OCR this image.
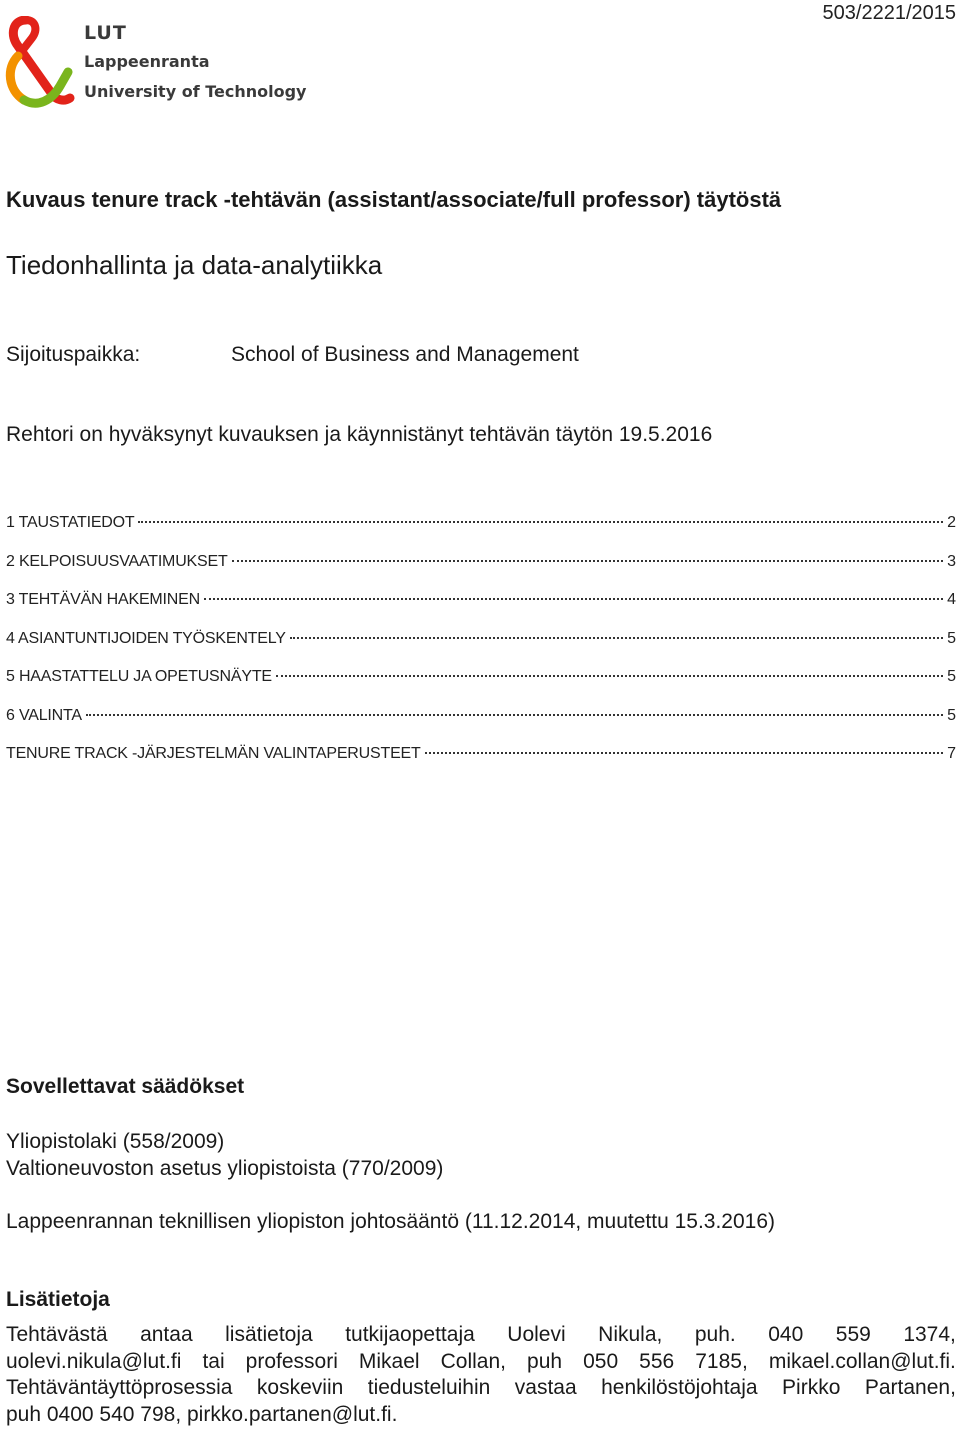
503/2221/2015
LUT
Lappeenranta
University of Technology
Kuvaus tenure track -tehtävän (assistant/associate/full professor) täytöstä
Tiedonhallinta ja data-analytiikka
Sijoituspaikka:	School of Business and Management
Rehtori on hyväksynyt kuvauksen ja käynnistänyt tehtävän täytön 19.5.2016
1 TAUSTATIEDOT	2
2 KELPOISUUSVAATIMUKSET	3
3 TEHTÄVÄN HAKEMINEN	4
4 ASIANTUNTIJOIDEN TYÖSKENTELY	5
5 HAASTATTELU JA OPETUSNÄYTE	5
6 VALINTA	5
TENURE TRACK -JÄRJESTELMÄN VALINTAPERUSTEET	7
Sovellettavat säädökset
Yliopistolaki (558/2009)
Valtioneuvoston asetus yliopistoista (770/2009)
Lappeenrannan teknillisen yliopiston johtosääntö (11.12.2014, muutettu 15.3.2016)
Lisätietoja
Tehtävästä antaa lisätietoja tutkijaopettaja Uolevi Nikula, puh. 040 559 1374,
uolevi.nikula@lut.fi tai professori Mikael Collan, puh 050 556 7185, mikael.collan@lut.fi.
Tehtäväntäyttöprosessia koskeviin tiedusteluihin vastaa henkilöstöjohtaja Pirkko Partanen,
puh 0400 540 798, pirkko.partanen@lut.fi.
